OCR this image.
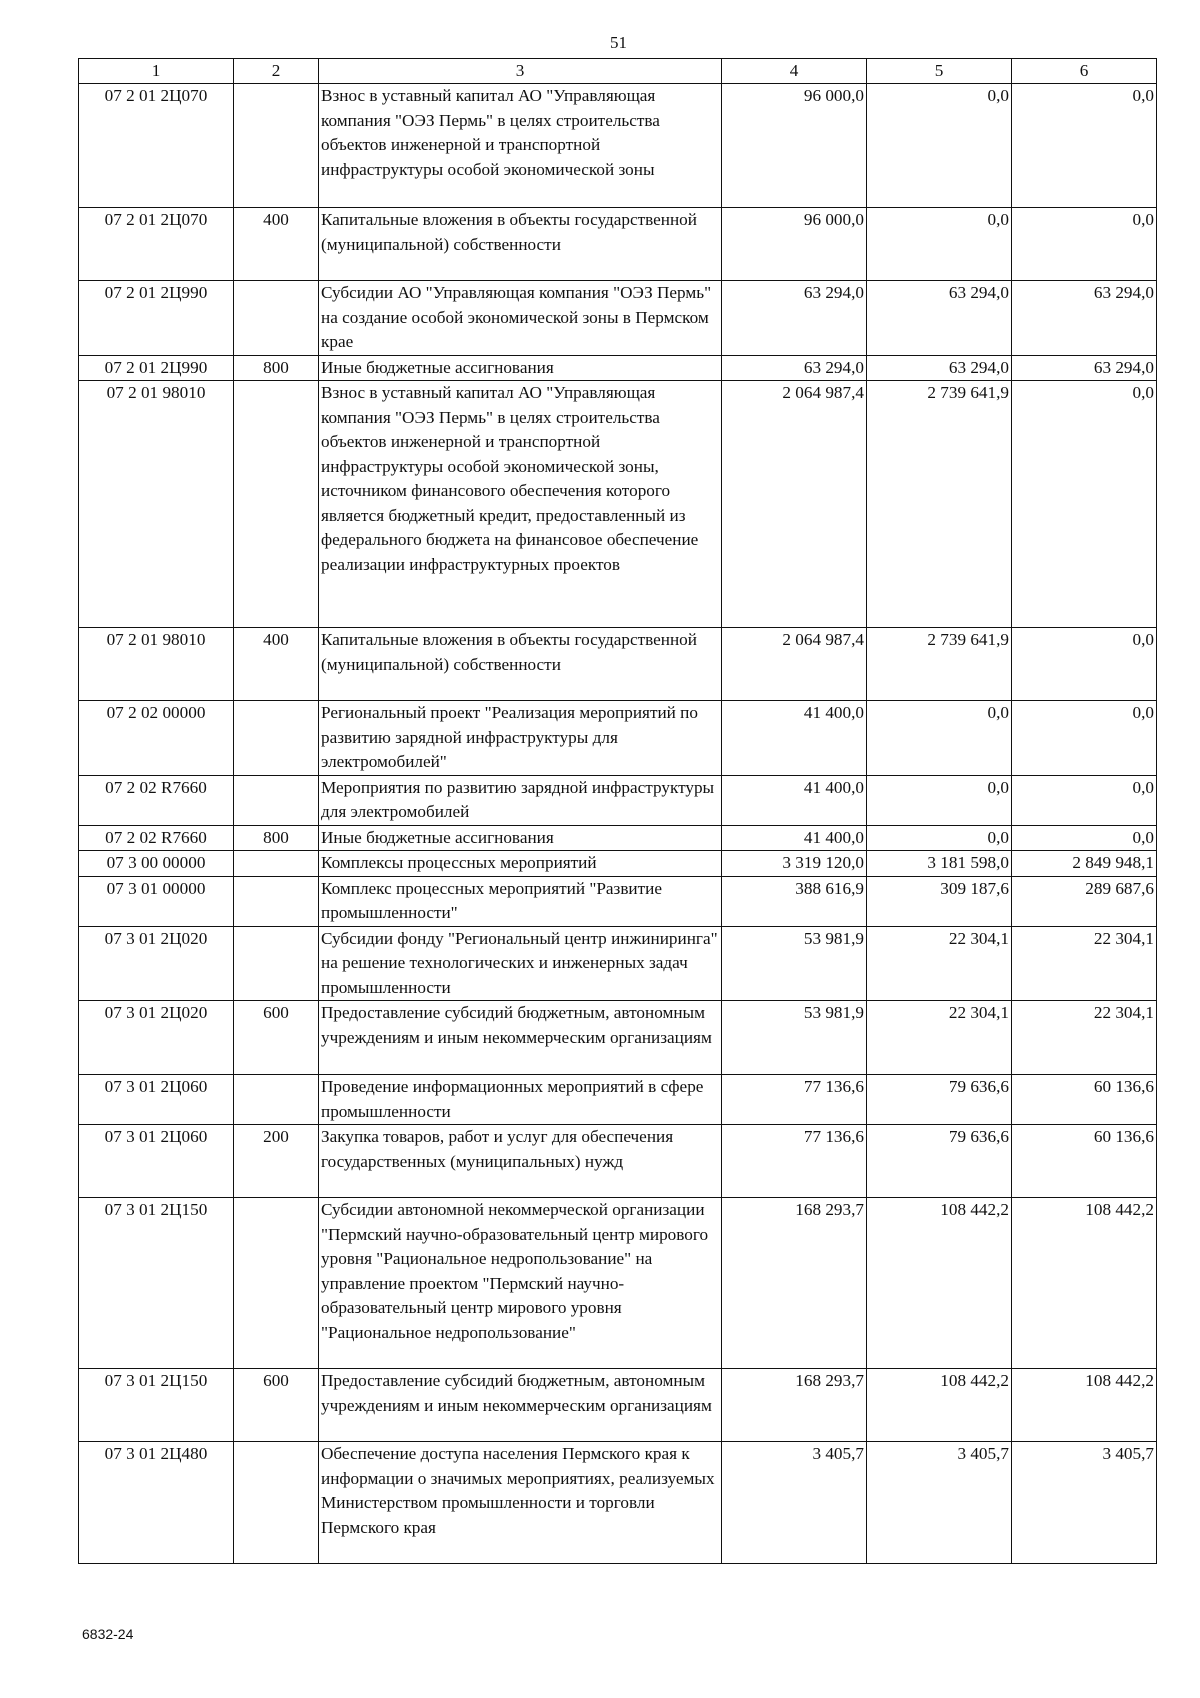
51
1	2	3	4	5	6
07 2 01 2Ц070		Взнос в уставный капитал АО "Управляющая компания "ОЭЗ Пермь" в целях строительства объектов инженерной и транспортной инфраструктуры особой экономической зоны	96 000,0	0,0	0,0
07 2 01 2Ц070	400	Капитальные вложения в объекты государственной (муниципальной) собственности	96 000,0	0,0	0,0
07 2 01 2Ц990		Субсидии АО "Управляющая компания "ОЭЗ Пермь" на создание особой экономической зоны в Пермском крае	63 294,0	63 294,0	63 294,0
07 2 01 2Ц990	800	Иные бюджетные ассигнования	63 294,0	63 294,0	63 294,0
07 2 01 98010		Взнос в уставный капитал АО "Управляющая компания "ОЭЗ Пермь" в целях строительства объектов инженерной и транспортной инфраструктуры особой экономической зоны, источником финансового обеспечения которого является бюджетный кредит, предоставленный из федерального бюджета на финансовое обеспечение реализации инфраструктурных проектов	2 064 987,4	2 739 641,9	0,0
07 2 01 98010	400	Капитальные вложения в объекты государственной (муниципальной) собственности	2 064 987,4	2 739 641,9	0,0
07 2 02 00000		Региональный проект "Реализация мероприятий по развитию зарядной инфраструктуры для электромобилей"	41 400,0	0,0	0,0
07 2 02 R7660		Мероприятия по развитию зарядной инфраструктуры для электромобилей	41 400,0	0,0	0,0
07 2 02 R7660	800	Иные бюджетные ассигнования	41 400,0	0,0	0,0
07 3 00 00000		Комплексы процессных мероприятий	3 319 120,0	3 181 598,0	2 849 948,1
07 3 01 00000		Комплекс процессных мероприятий "Развитие промышленности"	388 616,9	309 187,6	289 687,6
07 3 01 2Ц020		Субсидии фонду "Региональный центр инжиниринга" на решение технологических и инженерных задач промышленности	53 981,9	22 304,1	22 304,1
07 3 01 2Ц020	600	Предоставление субсидий бюджетным, автономным учреждениям и иным некоммерческим организациям	53 981,9	22 304,1	22 304,1
07 3 01 2Ц060		Проведение информационных мероприятий в сфере промышленности	77 136,6	79 636,6	60 136,6
07 3 01 2Ц060	200	Закупка товаров, работ и услуг для обеспечения государственных (муниципальных) нужд	77 136,6	79 636,6	60 136,6
07 3 01 2Ц150		Субсидии автономной некоммерческой организации "Пермский научно-образовательный центр мирового уровня "Рациональное недропользование" на управление проектом "Пермский научно-образовательный центр мирового уровня "Рациональное недропользование"	168 293,7	108 442,2	108 442,2
07 3 01 2Ц150	600	Предоставление субсидий бюджетным, автономным учреждениям и иным некоммерческим организациям	168 293,7	108 442,2	108 442,2
07 3 01 2Ц480		Обеспечение доступа населения Пермского края к информации о значимых мероприятиях, реализуемых Министерством промышленности и торговли Пермского края	3 405,7	3 405,7	3 405,7
6832-24
